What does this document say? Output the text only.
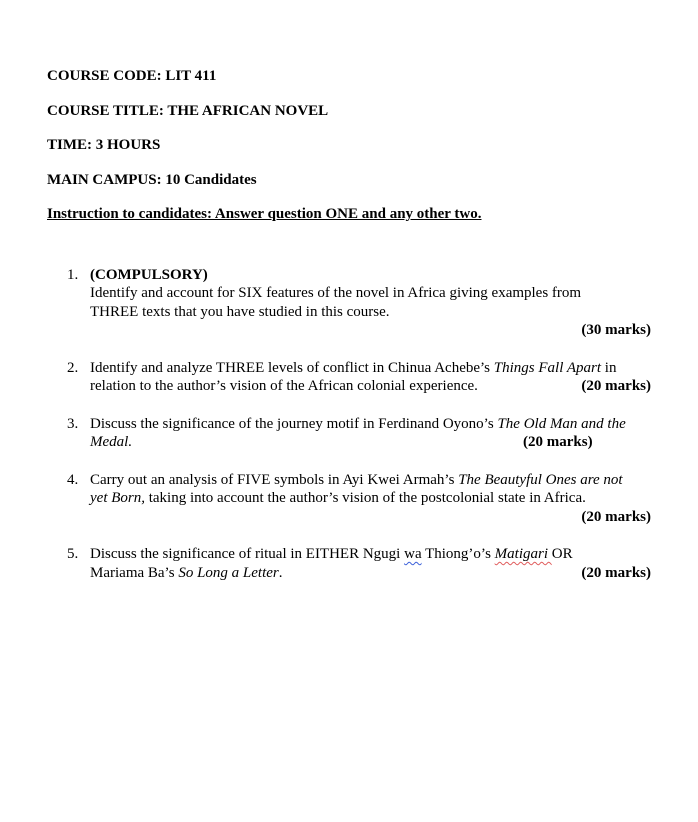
COURSE CODE: LIT 411

COURSE TITLE: THE AFRICAN NOVEL

TIME: 3 HOURS

MAIN CAMPUS: 10 Candidates

Instruction to candidates: Answer question ONE and any other two.

1. (COMPULSORY)
Identify and account for SIX features of the novel in Africa giving examples from
THREE texts that you have studied in this course.
(30 marks)
2. Identify and analyze THREE levels of conflict in Chinua Achebe’s Things Fall Apart in
relation to the author’s vision of the African colonial experience.	(20 marks)
3. Discuss the significance of the journey motif in Ferdinand Oyono’s The Old Man and the
Medal.	(20 marks)
4. Carry out an analysis of FIVE symbols in Ayi Kwei Armah’s The Beautyful Ones are not
yet Born, taking into account the author’s vision of the postcolonial state in Africa.
(20 marks)
5. Discuss the significance of ritual in EITHER Ngugi wa Thiong’o’s Matigari OR
Mariama Ba’s So Long a Letter.	(20 marks)
